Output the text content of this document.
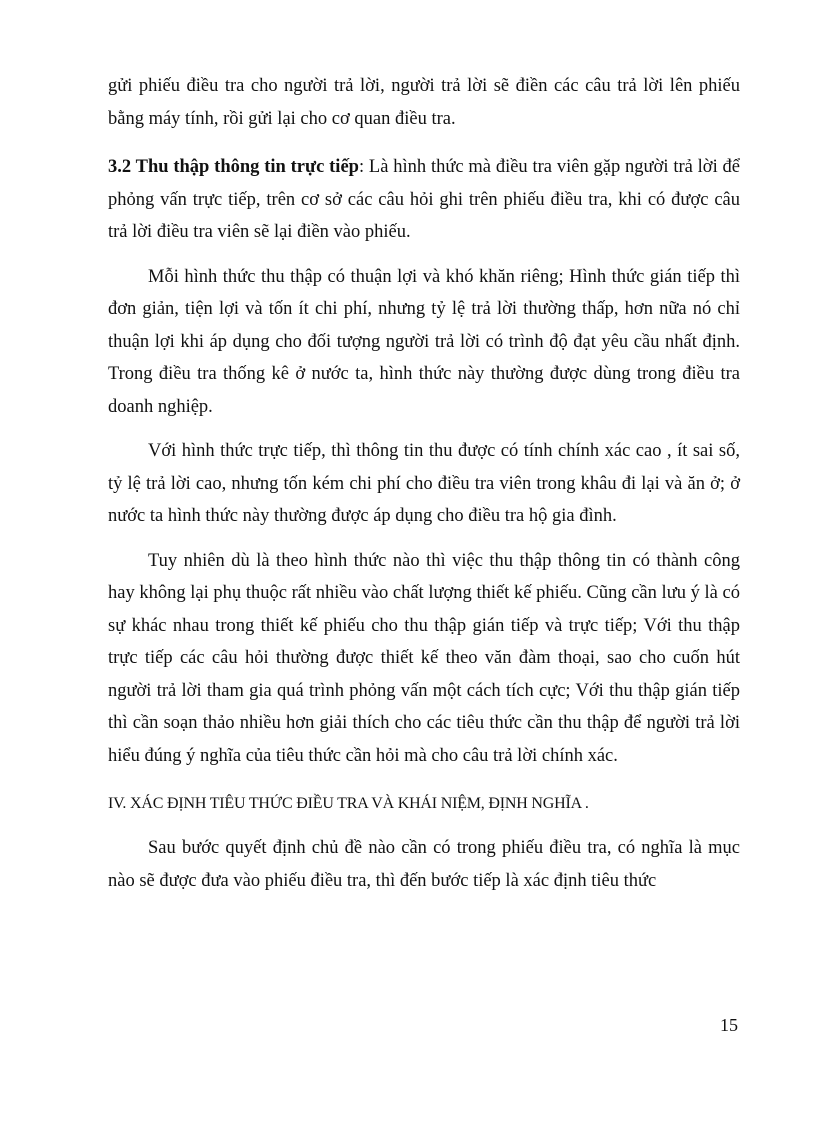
gửi phiếu điều tra cho người trả lời, người trả lời sẽ điền các câu trả lời lên phiếu bằng máy tính, rồi gửi lại cho cơ quan điều tra.

3.2 Thu thập thông tin trực tiếp: Là hình thức mà điều tra viên gặp người trả lời để phỏng vấn trực tiếp, trên cơ sở các câu hỏi ghi trên phiếu điều tra, khi có được câu trả lời điều tra viên sẽ lại điền vào phiếu.

Mỗi hình thức thu thập có thuận lợi và khó khăn riêng; Hình thức gián tiếp thì đơn giản, tiện lợi và tốn ít chi phí, nhưng tỷ lệ trả lời thường thấp, hơn nữa nó chỉ thuận lợi khi áp dụng cho đối tượng người trả lời có trình độ đạt yêu cầu nhất định. Trong điều tra thống kê ở nước ta, hình thức này thường được dùng trong điều tra doanh nghiệp.

Với hình thức trực tiếp, thì thông tin thu được có tính chính xác cao , ít sai số, tỷ lệ trả lời cao, nhưng tốn kém chi phí cho điều tra viên trong khâu đi lại và ăn ở; ở nước ta hình thức này thường được áp dụng cho điều tra hộ gia đình.

Tuy nhiên dù là theo hình thức nào thì việc thu thập thông tin có thành công hay không lại phụ thuộc rất nhiều vào chất lượng thiết kế phiếu. Cũng cần lưu ý là có sự khác nhau trong thiết kế phiếu cho thu thập gián tiếp và trực tiếp; Với thu thập trực tiếp các câu hỏi thường được thiết kế theo văn đàm thoại, sao cho cuốn hút người trả lời tham gia quá trình phỏng vấn một cách tích cực; Với thu thập gián tiếp thì cần soạn thảo nhiều hơn giải thích cho các tiêu thức cần thu thập để người trả lời hiểu đúng ý nghĩa của tiêu thức cần hỏi mà cho câu trả lời chính xác.

IV. XÁC ĐỊNH TIÊU THỨC ĐIỀU TRA VÀ KHÁI NIỆM, ĐỊNH NGHĨA .

Sau bước quyết định chủ đề nào cần có trong phiếu điều tra, có nghĩa là mục nào sẽ được đưa vào phiếu điều tra, thì đến bước tiếp là xác định tiêu thức

15
